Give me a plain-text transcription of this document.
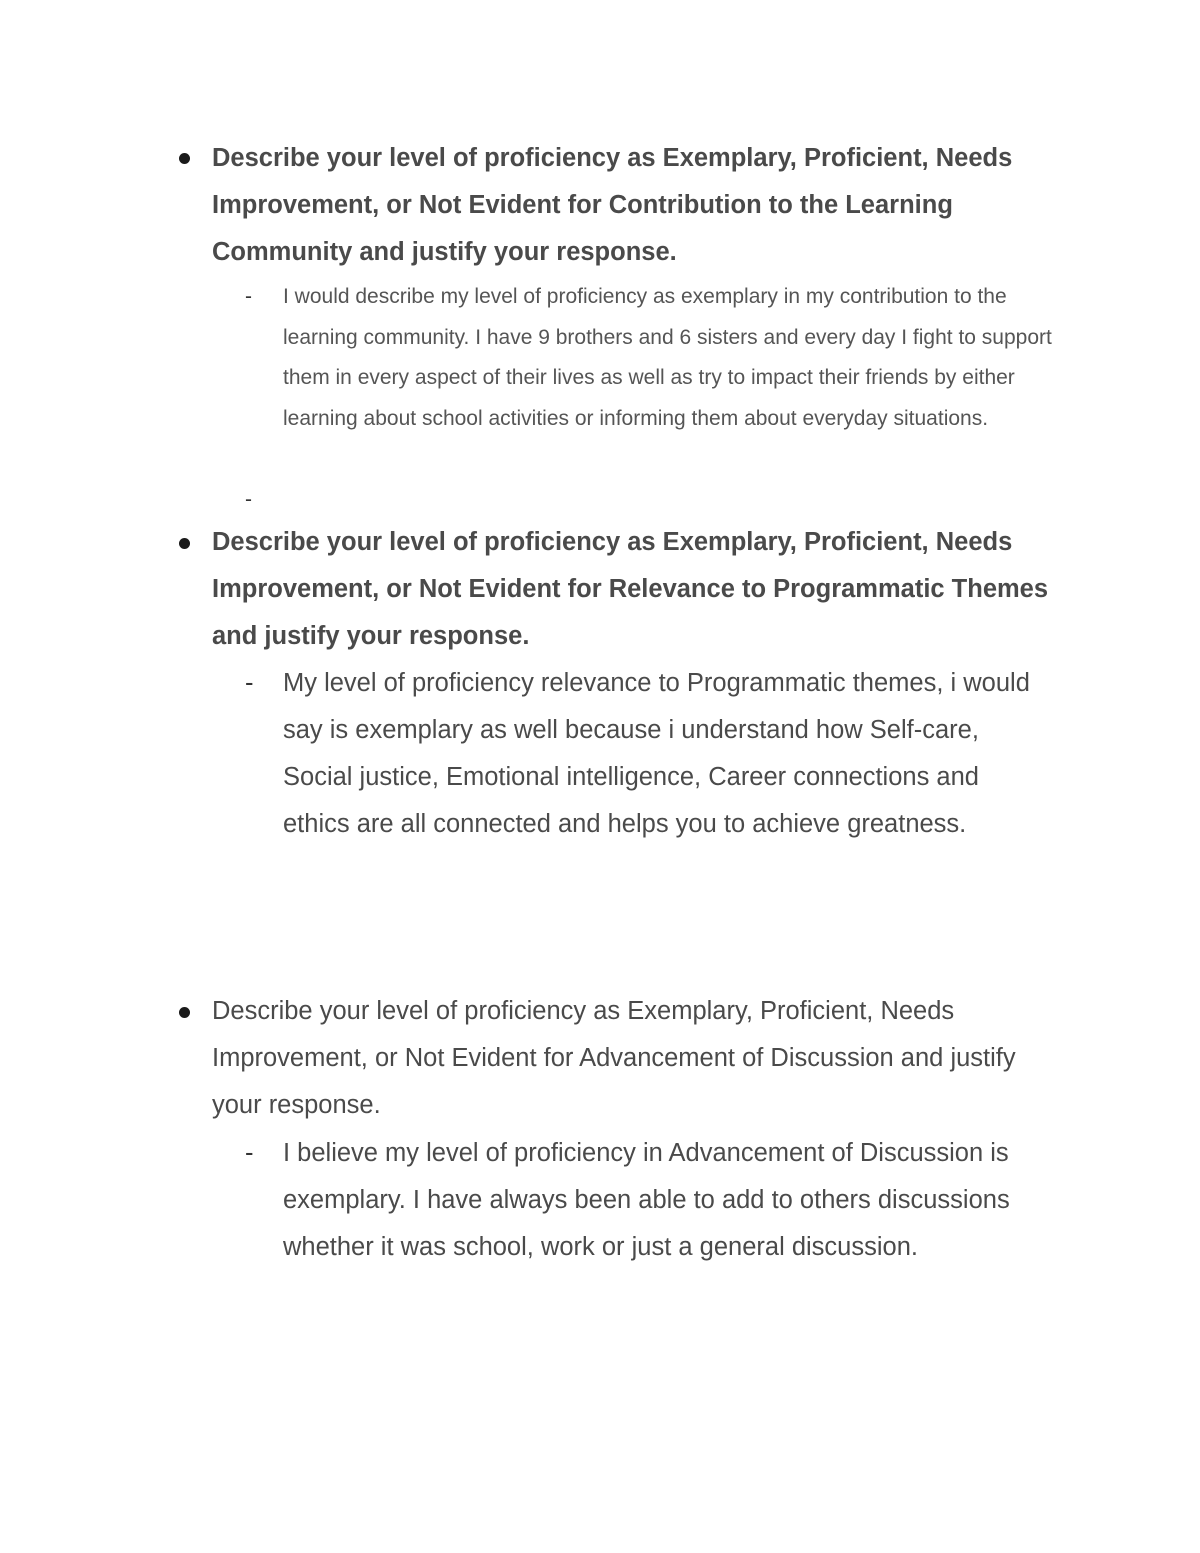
Describe your level of proficiency as Exemplary, Proficient, Needs Improvement, or Not Evident for Contribution to the Learning Community and justify your response.

- I would describe my level of proficiency as exemplary in my contribution to the learning community. I have 9 brothers and 6 sisters and every day I fight to support them in every aspect of their lives as well as try to impact their friends by either learning about school activities or informing them about everyday situations.

-

Describe your level of proficiency as Exemplary, Proficient, Needs Improvement, or Not Evident for Relevance to Programmatic Themes and justify your response.

- My level of proficiency relevance to Programmatic themes, i would say is exemplary as well because i understand how Self-care, Social justice, Emotional intelligence, Career connections and ethics are all connected and helps you to achieve greatness.

Describe your level of proficiency as Exemplary, Proficient, Needs Improvement, or Not Evident for Advancement of Discussion and justify your response.

- I believe my level of proficiency in Advancement of Discussion is exemplary. I have always been able to add to others discussions whether it was school, work or just a general discussion.
